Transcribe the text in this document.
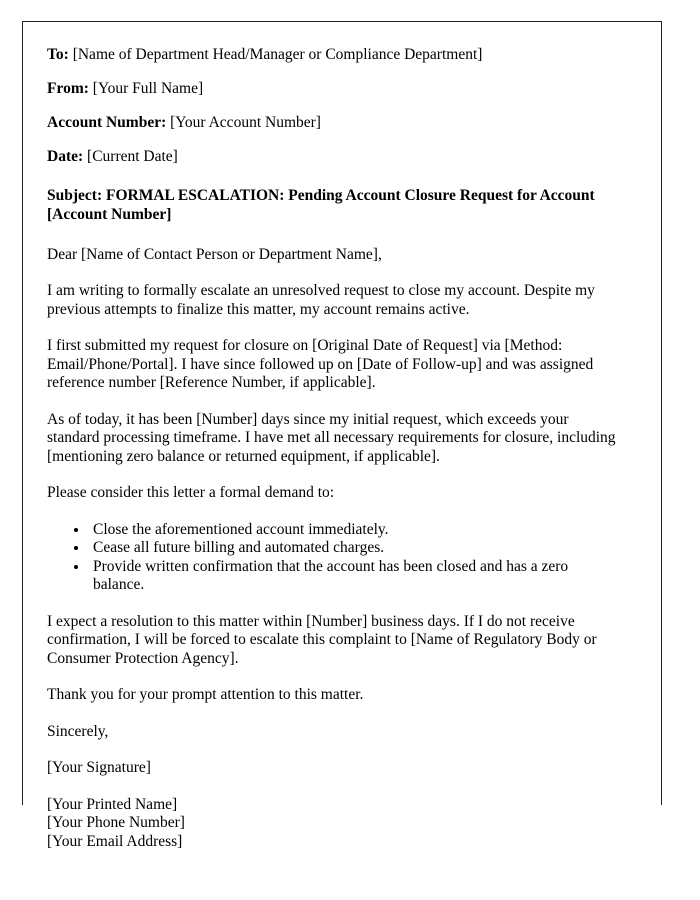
To: [Name of Department Head/Manager or Compliance Department]
From: [Your Full Name]
Account Number: [Your Account Number]
Date: [Current Date]
Subject: FORMAL ESCALATION: Pending Account Closure Request for Account [Account Number]
Dear [Name of Contact Person or Department Name],
I am writing to formally escalate an unresolved request to close my account. Despite my previous attempts to finalize this matter, my account remains active.
I first submitted my request for closure on [Original Date of Request] via [Method: Email/Phone/Portal]. I have since followed up on [Date of Follow-up] and was assigned reference number [Reference Number, if applicable].
As of today, it has been [Number] days since my initial request, which exceeds your standard processing timeframe. I have met all necessary requirements for closure, including [mentioning zero balance or returned equipment, if applicable].
Please consider this letter a formal demand to:
• Close the aforementioned account immediately.
• Cease all future billing and automated charges.
• Provide written confirmation that the account has been closed and has a zero balance.
I expect a resolution to this matter within [Number] business days. If I do not receive confirmation, I will be forced to escalate this complaint to [Name of Regulatory Body or Consumer Protection Agency].
Thank you for your prompt attention to this matter.
Sincerely,
[Your Signature]
[Your Printed Name]
[Your Phone Number]
[Your Email Address]
